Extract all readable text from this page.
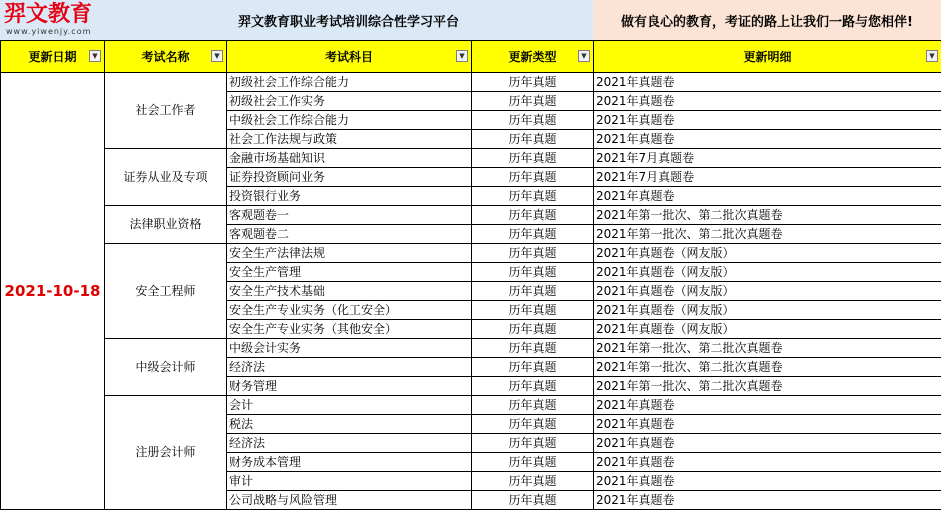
羿文教育
www.yiwenjy.com
羿文教育职业考试培训综合性学习平台	做有良心的教育，考证的路上让我们一路与您相伴!
更新日期 ▼	考试名称 ▼	考试科目 ▼	更新类型 ▼	更新明细 ▼

2021-10-18	社会工作者	初级社会工作综合能力	历年真题	2021年真题卷
		初级社会工作实务	历年真题	2021年真题卷
		中级社会工作综合能力	历年真题	2021年真题卷
		社会工作法规与政策	历年真题	2021年真题卷
	证券从业及专项	金融市场基础知识	历年真题	2021年7月真题卷
		证券投资顾问业务	历年真题	2021年7月真题卷
		投资银行业务	历年真题	2021年真题卷
	法律职业资格	客观题卷一	历年真题	2021年第一批次、第二批次真题卷
		客观题卷二	历年真题	2021年第一批次、第二批次真题卷
	安全工程师	安全生产法律法规	历年真题	2021年真题卷（网友版）
		安全生产管理	历年真题	2021年真题卷（网友版）
		安全生产技术基础	历年真题	2021年真题卷（网友版）
		安全生产专业实务（化工安全）	历年真题	2021年真题卷（网友版）
		安全生产专业实务（其他安全）	历年真题	2021年真题卷（网友版）
	中级会计师	中级会计实务	历年真题	2021年第一批次、第二批次真题卷
		经济法	历年真题	2021年第一批次、第二批次真题卷
		财务管理	历年真题	2021年第一批次、第二批次真题卷
	注册会计师	会计	历年真题	2021年真题卷
		税法	历年真题	2021年真题卷
		经济法	历年真题	2021年真题卷
		财务成本管理	历年真题	2021年真题卷
		审计	历年真题	2021年真题卷
		公司战略与风险管理	历年真题	2021年真题卷
